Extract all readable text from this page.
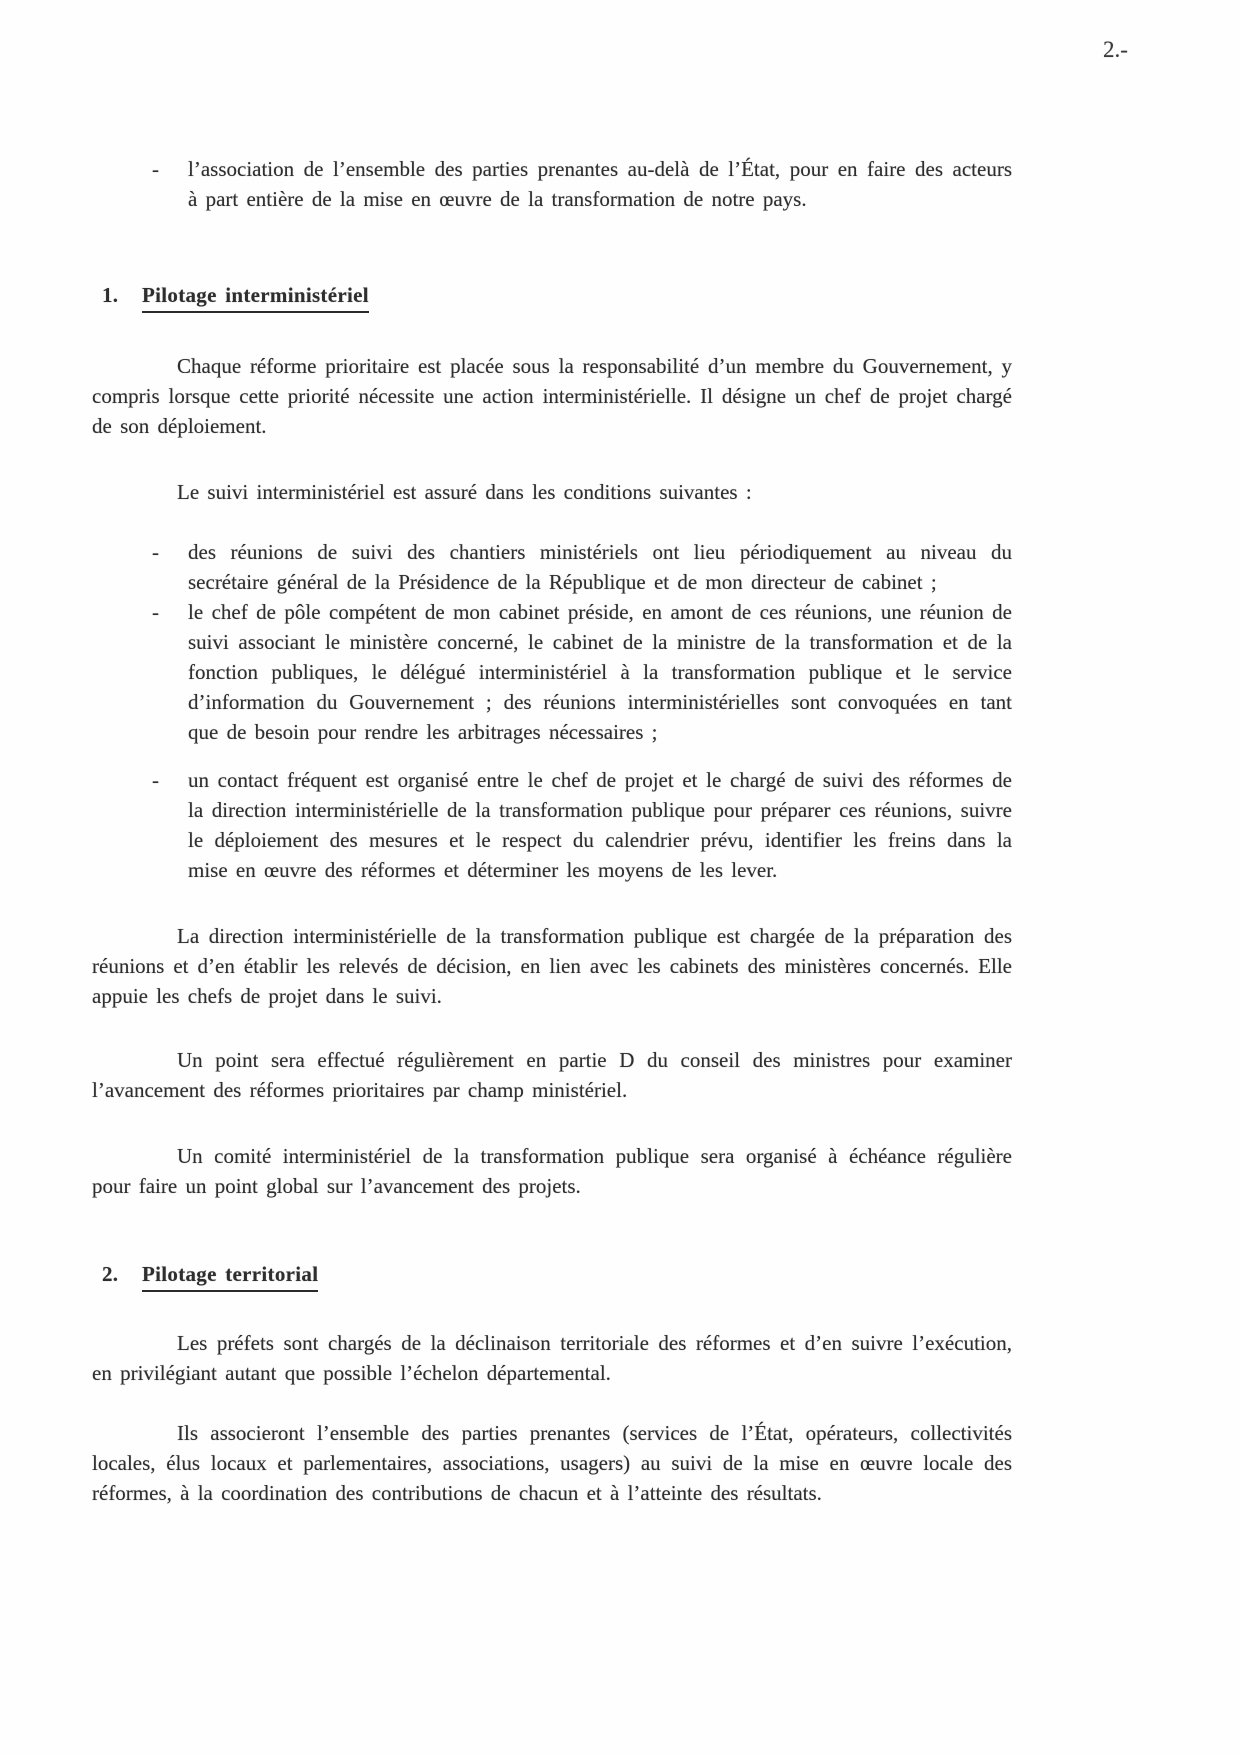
2.-
-	l’association de l’ensemble des parties prenantes au-delà de l’État, pour en faire des acteurs à part entière de la mise en œuvre de la transformation de notre pays.
1. Pilotage interministériel

Chaque réforme prioritaire est placée sous la responsabilité d’un membre du Gouvernement, y compris lorsque cette priorité nécessite une action interministérielle. Il désigne un chef de projet chargé de son déploiement.

Le suivi interministériel est assuré dans les conditions suivantes :

-	des réunions de suivi des chantiers ministériels ont lieu périodiquement au niveau du secrétaire général de la Présidence de la République et de mon directeur de cabinet ;
-	le chef de pôle compétent de mon cabinet préside, en amont de ces réunions, une réunion de suivi associant le ministère concerné, le cabinet de la ministre de la transformation et de la fonction publiques, le délégué interministériel à la transformation publique et le service d’information du Gouvernement ; des réunions interministérielles sont convoquées en tant que de besoin pour rendre les arbitrages nécessaires ;
-	un contact fréquent est organisé entre le chef de projet et le chargé de suivi des réformes de la direction interministérielle de la transformation publique pour préparer ces réunions, suivre le déploiement des mesures et le respect du calendrier prévu, identifier les freins dans la mise en œuvre des réformes et déterminer les moyens de les lever.

La direction interministérielle de la transformation publique est chargée de la préparation des réunions et d’en établir les relevés de décision, en lien avec les cabinets des ministères concernés. Elle appuie les chefs de projet dans le suivi.

Un point sera effectué régulièrement en partie D du conseil des ministres pour examiner l’avancement des réformes prioritaires par champ ministériel.

Un comité interministériel de la transformation publique sera organisé à échéance régulière pour faire un point global sur l’avancement des projets.

2. Pilotage territorial

Les préfets sont chargés de la déclinaison territoriale des réformes et d’en suivre l’exécution, en privilégiant autant que possible l’échelon départemental.

Ils associeront l’ensemble des parties prenantes (services de l’État, opérateurs, collectivités locales, élus locaux et parlementaires, associations, usagers) au suivi de la mise en œuvre locale des réformes, à la coordination des contributions de chacun et à l’atteinte des résultats.
